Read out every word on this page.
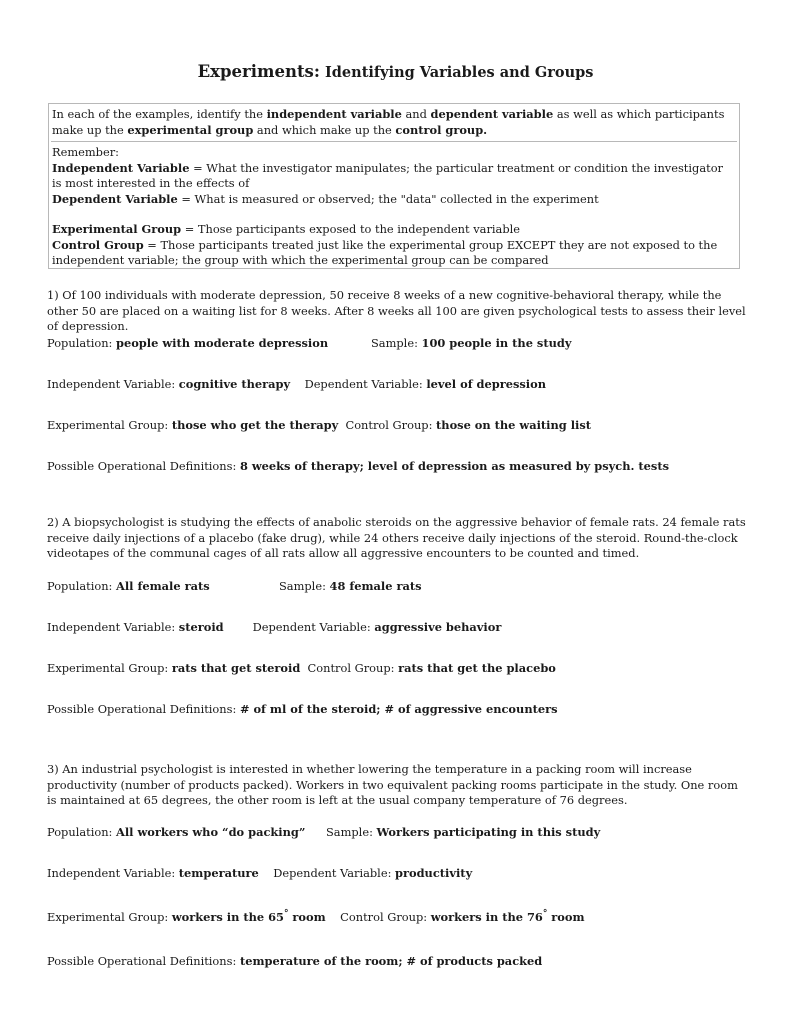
Experiments: Identifying Variables and Groups
In each of the examples, identify the independent variable and dependent variable as well as which participants make up the experimental group and which make up the control group.

Remember:

Independent Variable = What the investigator manipulates; the particular treatment or condition the investigator is most interested in the effects of

Dependent Variable = What is measured or observed; the "data" collected in the experiment

Experimental Group = Those participants exposed to the independent variable

Control Group = Those participants treated just like the experimental group EXCEPT they are not exposed to the independent variable; the group with which the experimental group can be compared

1) Of 100 individuals with moderate depression, 50 receive 8 weeks of a new cognitive-behavioral therapy, while the other 50 are placed on a waiting list for 8 weeks. After 8 weeks all 100 are given psychological tests to assess their level of depression.

Population: people with moderate depression	Sample: 100 people in the study

Independent Variable: cognitive therapy Dependent Variable: level of depression

Experimental Group: those who get the therapy Control Group: those on the waiting list

Possible Operational Definitions: 8 weeks of therapy; level of depression as measured by psych. tests

2) A biopsychologist is studying the effects of anabolic steroids on the aggressive behavior of female rats. 24 female rats receive daily injections of a placebo (fake drug), while 24 others receive daily injections of the steroid. Round-the-clock videotapes of the communal cages of all rats allow all aggressive encounters to be counted and timed.

Population: All female rats	Sample: 48 female rats

Independent Variable: steroid	Dependent Variable: aggressive behavior

Experimental Group: rats that get steroid Control Group: rats that get the placebo

Possible Operational Definitions: # of ml of the steroid; # of aggressive encounters

3) An industrial psychologist is interested in whether lowering the temperature in a packing room will increase productivity (number of products packed). Workers in two equivalent packing rooms participate in the study. One room is maintained at 65 degrees, the other room is left at the usual company temperature of 76 degrees.

Population: All workers who “do packing” Sample: Workers participating in this study

Independent Variable: temperature Dependent Variable: productivity

Experimental Group: workers in the 65° room Control Group: workers in the 76° room

Possible Operational Definitions: temperature of the room; # of products packed
